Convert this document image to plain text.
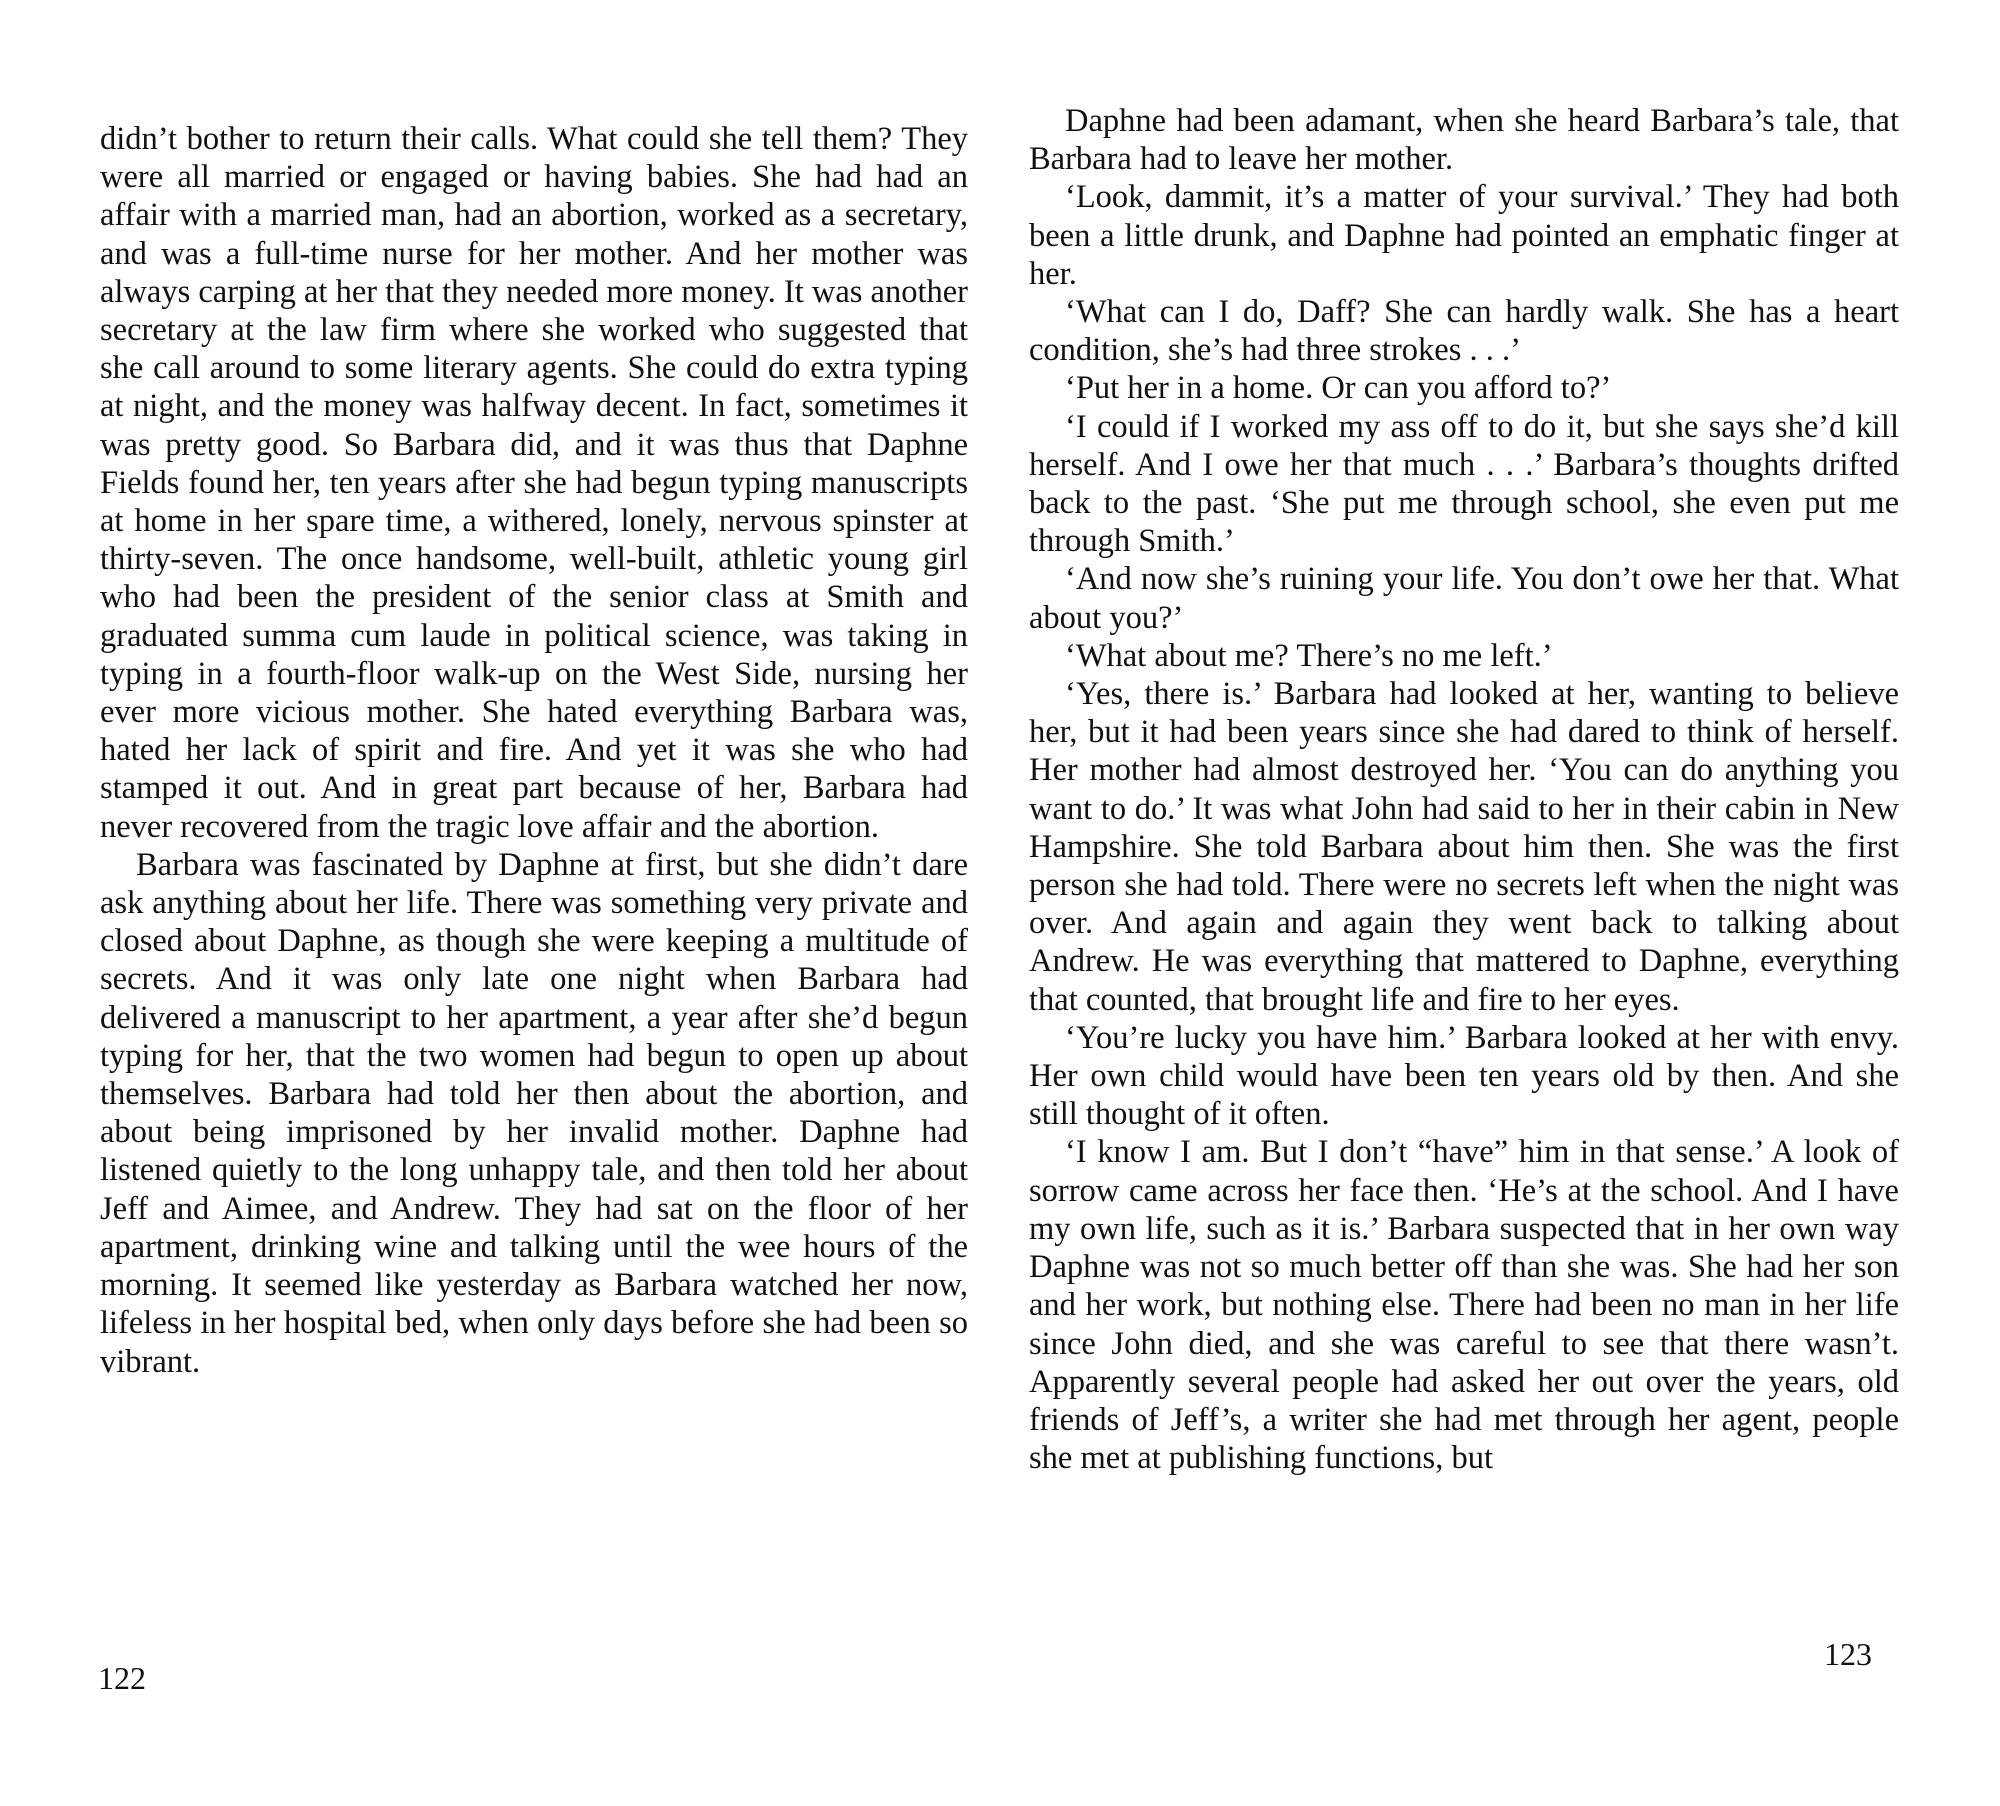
didn’t bother to return their calls. What could she tell them? They were all married or engaged or having babies. She had had an affair with a married man, had an abortion, worked as a secretary, and was a full-time nurse for her mother. And her mother was always carping at her that they needed more money. It was another secretary at the law firm where she worked who suggested that she call around to some literary agents. She could do extra typing at night, and the money was halfway decent. In fact, sometimes it was pretty good. So Barbara did, and it was thus that Daphne Fields found her, ten years after she had begun typing manuscripts at home in her spare time, a withered, lonely, nervous spinster at thirty-seven. The once handsome, well-built, athletic young girl who had been the president of the senior class at Smith and graduated summa cum laude in political science, was taking in typing in a fourth-floor walk-up on the West Side, nursing her ever more vicious mother. She hated everything Barbara was, hated her lack of spirit and fire. And yet it was she who had stamped it out. And in great part because of her, Barbara had never recovered from the tragic love affair and the abortion.

Barbara was fascinated by Daphne at first, but she didn’t dare ask anything about her life. There was something very private and closed about Daphne, as though she were keeping a multitude of secrets. And it was only late one night when Barbara had delivered a manuscript to her apartment, a year after she’d begun typing for her, that the two women had begun to open up about themselves. Barbara had told her then about the abortion, and about being imprisoned by her invalid mother. Daphne had listened quietly to the long unhappy tale, and then told her about Jeff and Aimee, and Andrew. They had sat on the floor of her apartment, drinking wine and talking until the wee hours of the morning. It seemed like yesterday as Barbara watched her now, lifeless in her hospital bed, when only days before she had been so vibrant.

122

Daphne had been adamant, when she heard Barbara’s tale, that Barbara had to leave her mother.

‘Look, dammit, it’s a matter of your survival.’ They had both been a little drunk, and Daphne had pointed an emphatic finger at her.

‘What can I do, Daff? She can hardly walk. She has a heart condition, she’s had three strokes . . .’

‘Put her in a home. Or can you afford to?’

‘I could if I worked my ass off to do it, but she says she’d kill herself. And I owe her that much . . .’ Barbara’s thoughts drifted back to the past. ‘She put me through school, she even put me through Smith.’

‘And now she’s ruining your life. You don’t owe her that. What about you?’

‘What about me? There’s no me left.’

‘Yes, there is.’ Barbara had looked at her, wanting to believe her, but it had been years since she had dared to think of herself. Her mother had almost destroyed her. ‘You can do anything you want to do.’ It was what John had said to her in their cabin in New Hampshire. She told Barbara about him then. She was the first person she had told. There were no secrets left when the night was over. And again and again they went back to talking about Andrew. He was everything that mattered to Daphne, everything that counted, that brought life and fire to her eyes.

‘You’re lucky you have him.’ Barbara looked at her with envy. Her own child would have been ten years old by then. And she still thought of it often.

‘I know I am. But I don’t “have” him in that sense.’ A look of sorrow came across her face then. ‘He’s at the school. And I have my own life, such as it is.’ Barbara suspected that in her own way Daphne was not so much better off than she was. She had her son and her work, but nothing else. There had been no man in her life since John died, and she was careful to see that there wasn’t. Apparently several people had asked her out over the years, old friends of Jeff’s, a writer she had met through her agent, people she met at publishing functions, but

123
